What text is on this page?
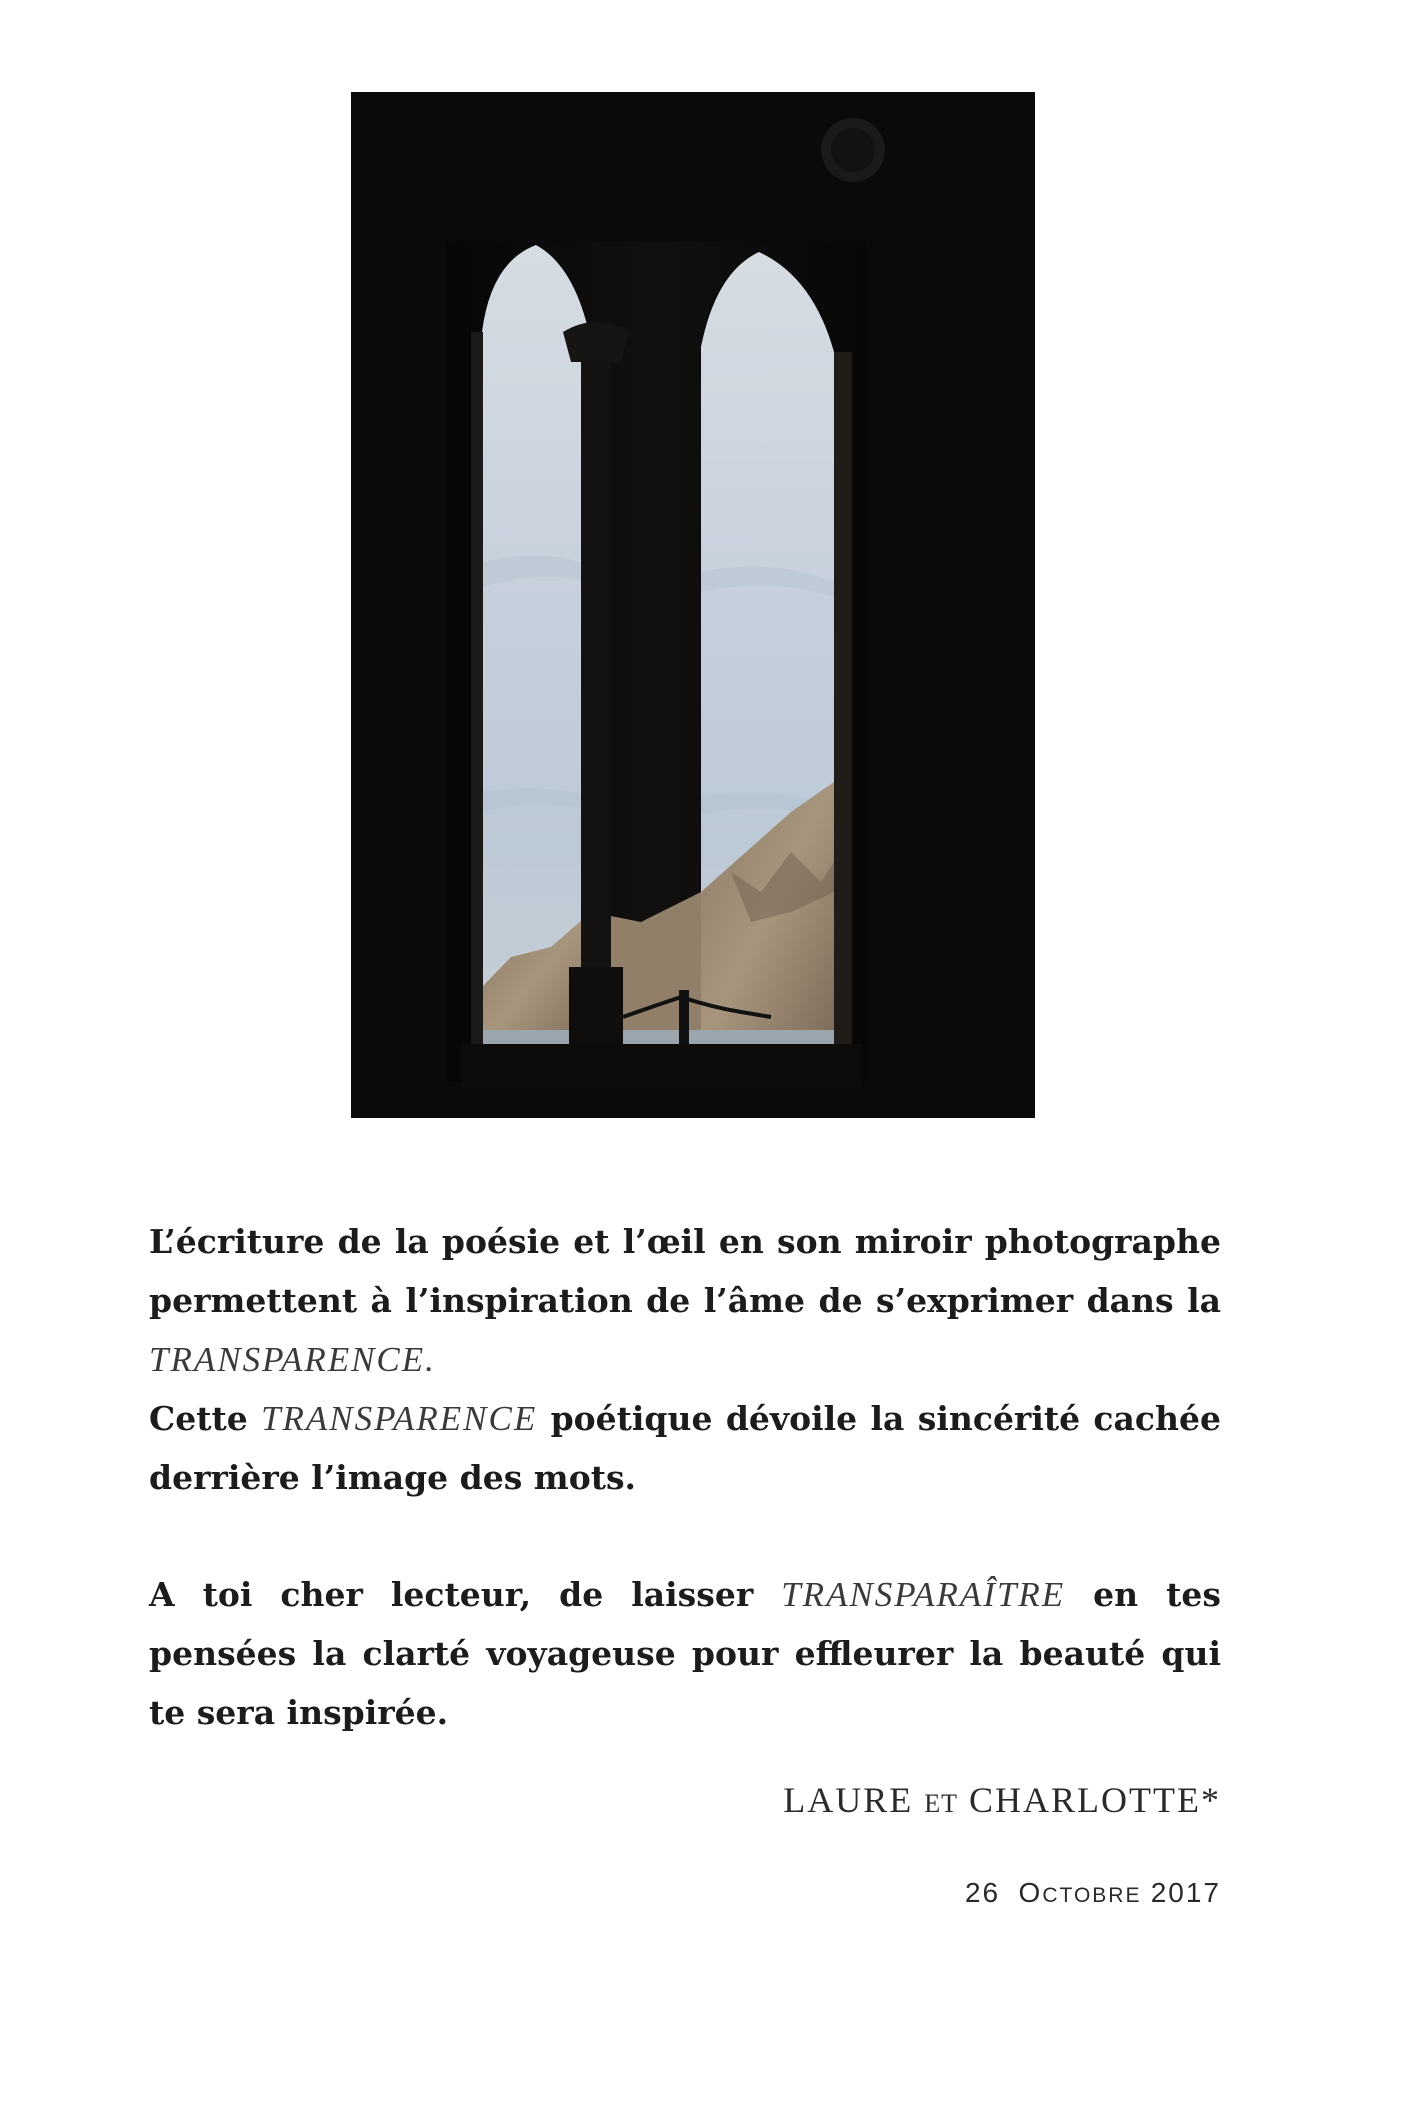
L’écriture de la poésie et l’œil en son miroir photographe permettent à l’inspiration de l’âme de s’exprimer dans la TRANSPARENCE.

Cette TRANSPARENCE poétique dévoile la sincérité cachée derrière l’image des mots.

A toi cher lecteur, de laisser TRANSPARAÎTRE en tes pensées la clarté voyageuse pour effleurer la beauté qui te sera inspirée.

LAURE ET CHARLOTTE*
26 OCTOBRE 2017
